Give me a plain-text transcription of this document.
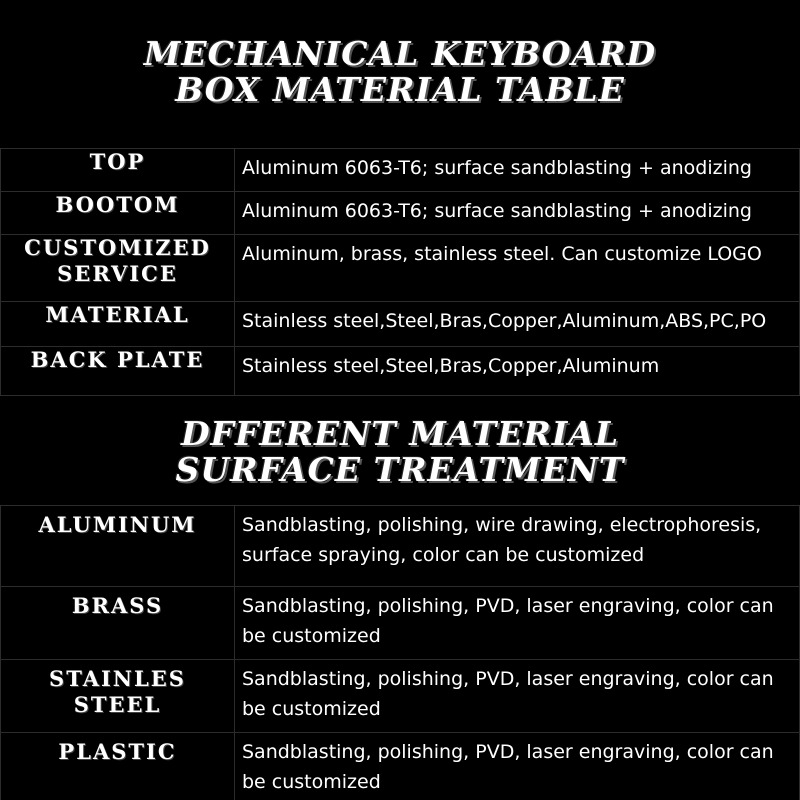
MECHANICAL KEYBOARD
BOX MATERIAL TABLE
TOP	Aluminum 6063-T6; surface sandblasting + anodizing
BOOTOM	Aluminum 6063-T6; surface sandblasting + anodizing
CUSTOMIZED SERVICE	Aluminum, brass, stainless steel. Can customize LOGO
MATERIAL	Stainless steel,Steel,Bras,Copper,Aluminum,ABS,PC,PO
BACK PLATE	Stainless steel,Steel,Bras,Copper,Aluminum
DFFERENT MATERIAL
SURFACE TREATMENT
ALUMINUM	Sandblasting, polishing, wire drawing, electrophoresis,
surface spraying, color can be customized
BRASS	Sandblasting, polishing, PVD, laser engraving, color can
be customized
STAINLES STEEL	Sandblasting, polishing, PVD, laser engraving, color can
be customized
PLASTIC	Sandblasting, polishing, PVD, laser engraving, color can
be customized
